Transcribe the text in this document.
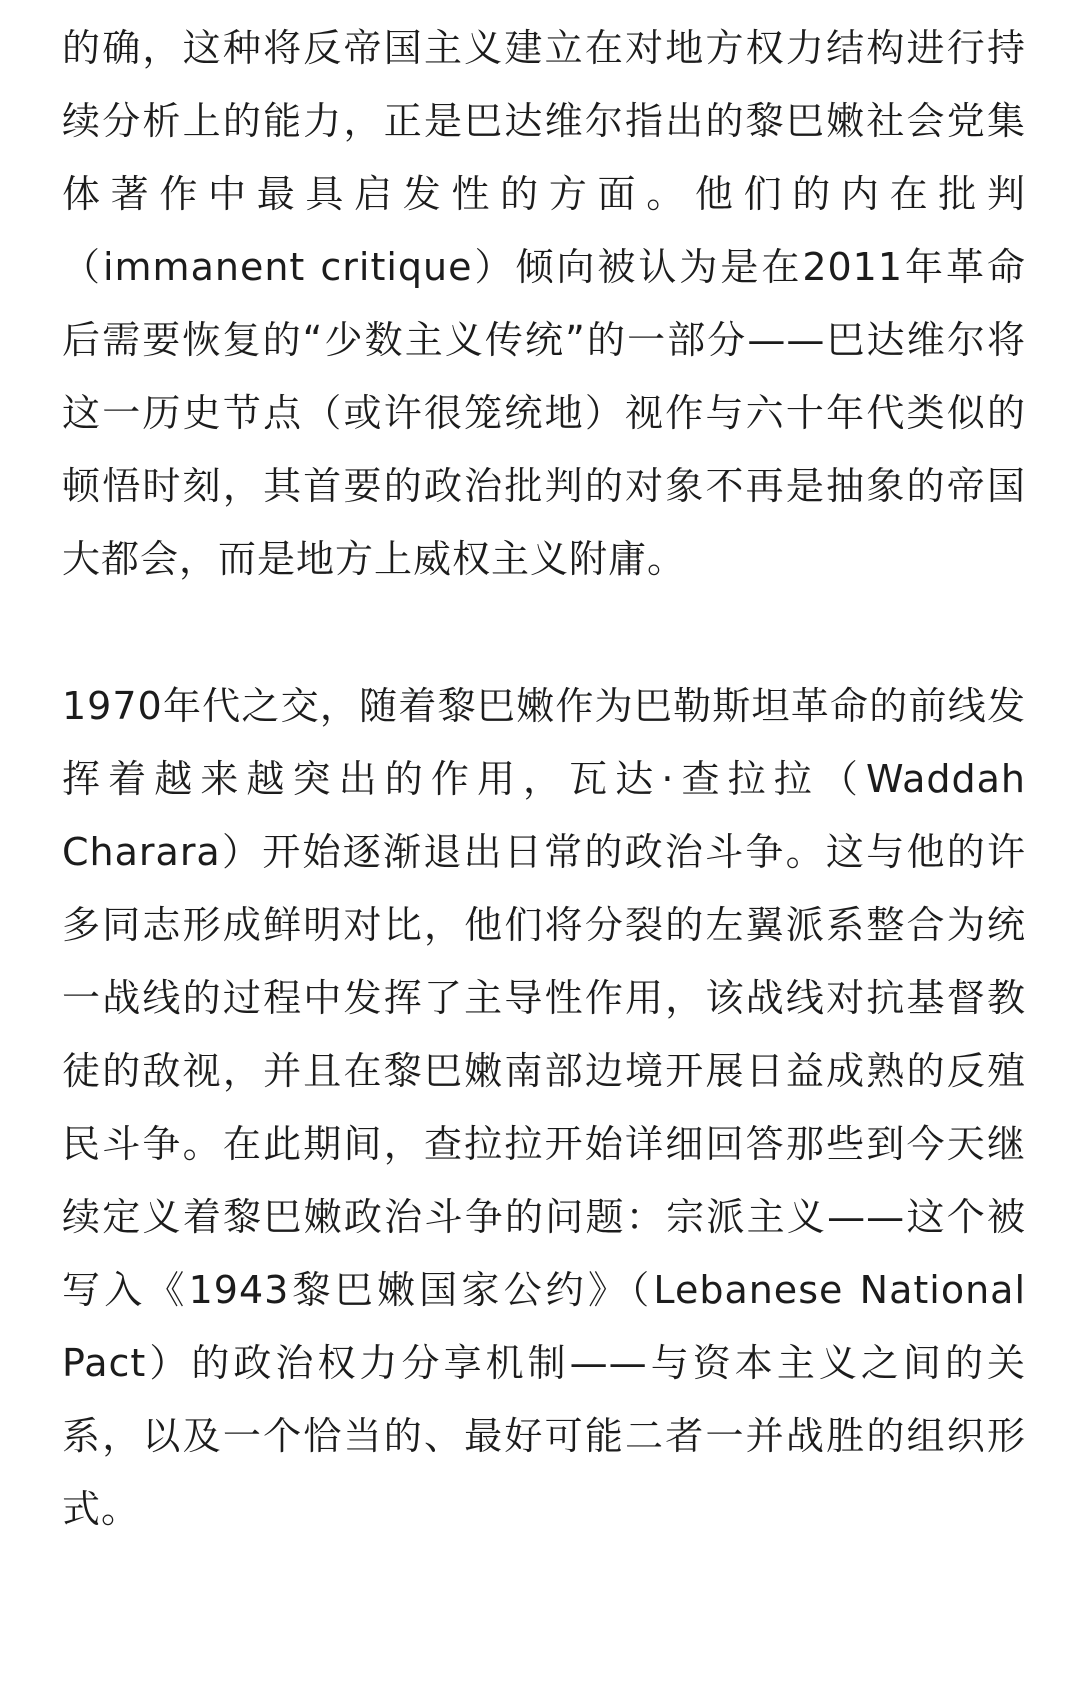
的确，这种将反帝国主义建立在对地方权力结构进行持续分析上的能力，正是巴达维尔指出的黎巴嫩社会党集体著作中最具启发性的方面。他们的内在批判（immanent critique）倾向被认为是在2011年革命后需要恢复的“少数主义传统”的一部分——巴达维尔将这一历史节点（或许很笼统地）视作与六十年代类似的顿悟时刻，其首要的政治批判的对象不再是抽象的帝国大都会，而是地方上威权主义附庸。

1970年代之交，随着黎巴嫩作为巴勒斯坦革命的前线发挥着越来越突出的作用，瓦达·查拉拉（Waddah Charara）开始逐渐退出日常的政治斗争。这与他的许多同志形成鲜明对比，他们将分裂的左翼派系整合为统一战线的过程中发挥了主导性作用，该战线对抗基督教徒的敌视，并且在黎巴嫩南部边境开展日益成熟的反殖民斗争。在此期间，查拉拉开始详细回答那些到今天继续定义着黎巴嫩政治斗争的问题：宗派主义——这个被写入《1943黎巴嫩国家公约》（Lebanese National Pact）的政治权力分享机制——与资本主义之间的关系，以及一个恰当的、最好可能二者一并战胜的组织形式。
